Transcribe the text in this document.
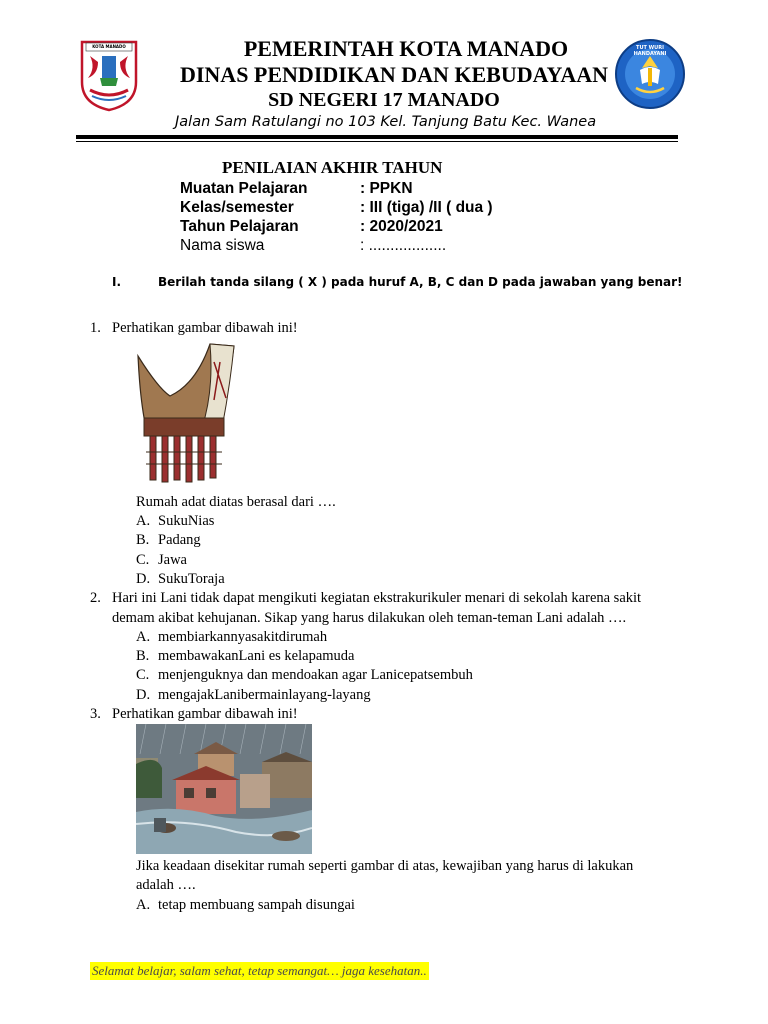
KOTA MANADO	TUT WURI HANDAYANI
PEMERINTAH KOTA MANADO
DINAS PENDIDIKAN DAN KEBUDAYAAN
SD NEGERI 17 MANADO
Jalan Sam Ratulangi no 103 Kel. Tanjung Batu Kec. Wanea
PENILAIAN AKHIR TAHUN
Muatan Pelajaran	: PPKN
Kelas/semester	: III (tiga) /II ( dua )
Tahun Pelajaran	: 2020/2021
Nama siswa	: ..................
I.	Berilah tanda silang ( X ) pada huruf A, B, C dan D pada jawaban yang benar!
1. Perhatikan gambar dibawah ini!
Rumah adat diatas berasal dari ….
A. SukuNias
B. Padang
C. Jawa
D. SukuToraja
2. Hari ini Lani tidak dapat mengikuti kegiatan ekstrakurikuler menari di sekolah karena sakit
demam akibat kehujanan. Sikap yang harus dilakukan oleh teman-teman Lani adalah ….
A. membiarkannyasakitdirumah
B. membawakanLani es kelapamuda
C. menjenguknya dan mendoakan agar Lanicepatsembuh
D. mengajakLanibermainlayang-layang
3. Perhatikan gambar dibawah ini!
Jika keadaan disekitar rumah seperti gambar di atas, kewajiban yang harus di lakukan
adalah ….
A. tetap membuang sampah disungai
Selamat belajar, salam sehat, tetap semangat… jaga kesehatan..
